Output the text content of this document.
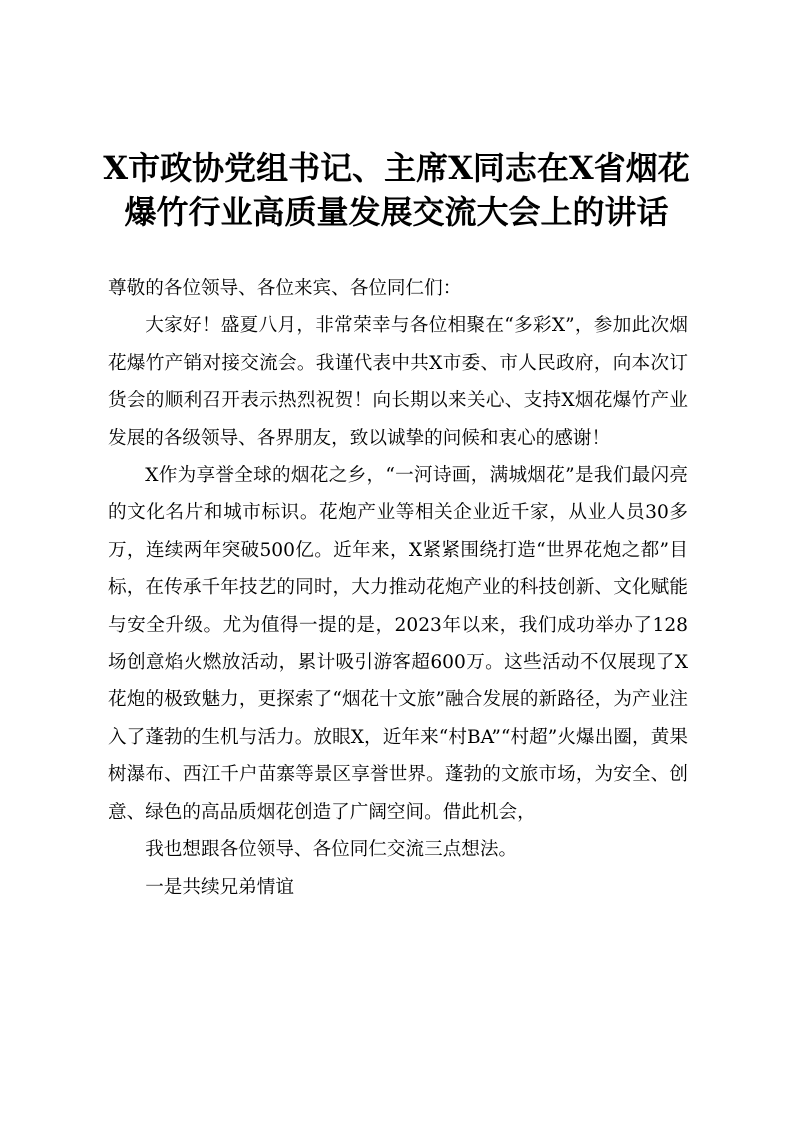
X市政协党组书记、主席X同志在X省烟花爆竹行业高质量发展交流大会上的讲话

尊敬的各位领导、各位来宾、各位同仁们：

大家好！盛夏八月，非常荣幸与各位相聚在“多彩X”，参加此次烟花爆竹产销对接交流会。我谨代表中共X市委、市人民政府，向本次订货会的顺利召开表示热烈祝贺！向长期以来关心、支持X烟花爆竹产业发展的各级领导、各界朋友，致以诚挚的问候和衷心的感谢！

X作为享誉全球的烟花之乡，“一河诗画，满城烟花”是我们最闪亮的文化名片和城市标识。花炮产业等相关企业近千家，从业人员30多万，连续两年突破500亿。近年来，X紧紧围绕打造“世界花炮之都”目标，在传承千年技艺的同时，大力推动花炮产业的科技创新、文化赋能与安全升级。尤为值得一提的是，2023年以来，我们成功举办了128场创意焰火燃放活动，累计吸引游客超600万。这些活动不仅展现了X花炮的极致魅力，更探索了“烟花十文旅”融合发展的新路径，为产业注入了蓬勃的生机与活力。放眼X，近年来“村BA”“村超”火爆出圈，黄果树瀑布、西江千户苗寨等景区享誉世界。蓬勃的文旅市场，为安全、创意、绿色的高品质烟花创造了广阔空间。借此机会，

我也想跟各位领导、各位同仁交流三点想法。

一是共续兄弟情谊
